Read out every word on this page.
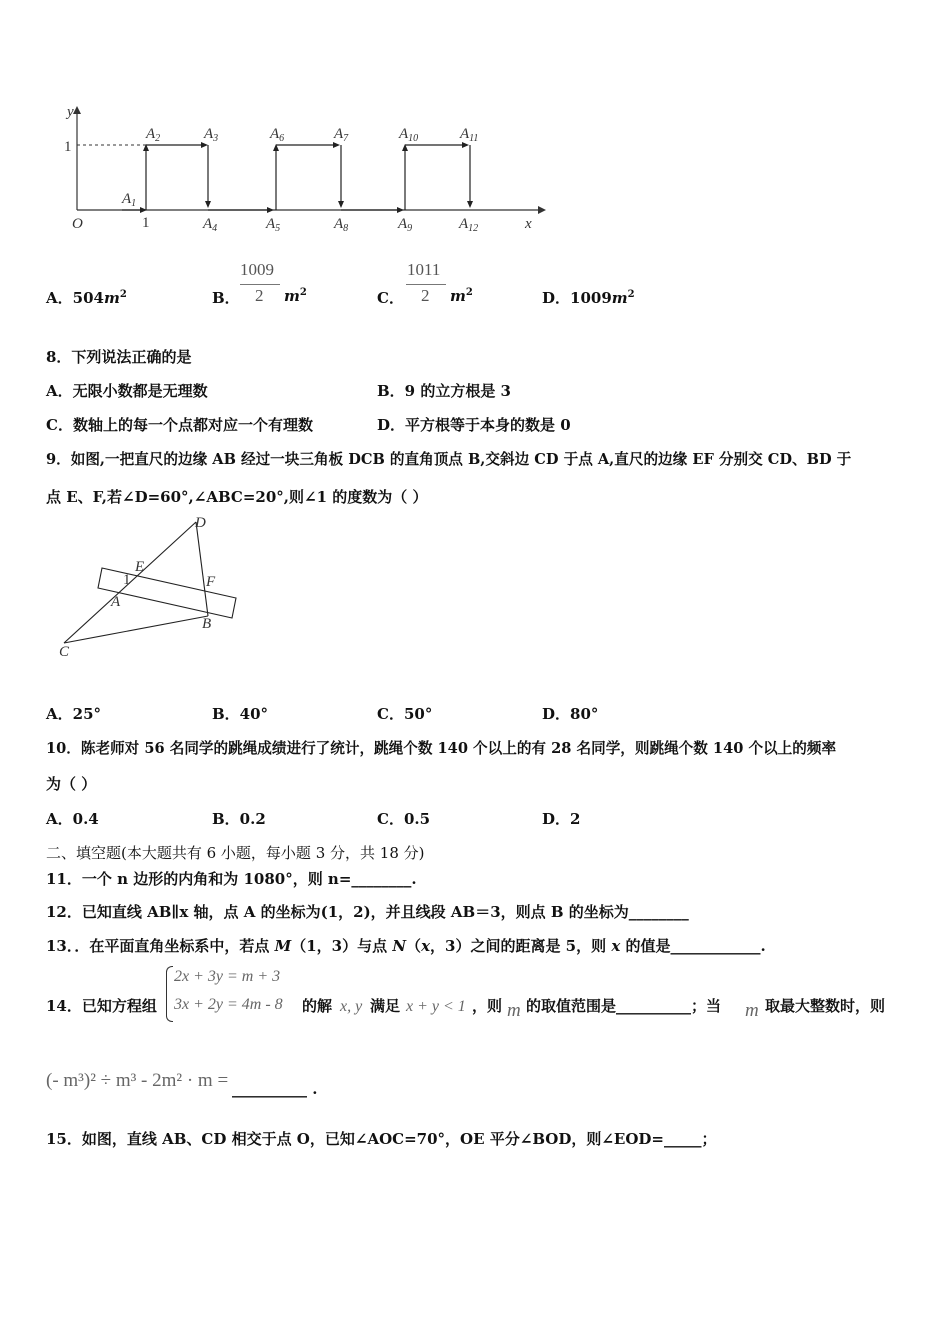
y
x
O
1
1
$A_1$
$A_2$	$A_3$
$A_4$	$A_5$
$A_6$	$A_7$
$A_8$	$A_9$
$A_{10}$	$A_{11}$
$A_{12}$
A．$504m^2$	B．
1009
2 $m^2$	C．
1011
2 $m^2$	D．$1009m^2$
8．下列说法正确的是
A．无限小数都是无理数	B．9 的立方根是 3
C．数轴上的每一个点都对应一个有理数	D．平方根等于本身的数是 0
9．如图,一把直尺的边缘 AB 经过一块三角板 DCB 的直角顶点 B,交斜边 CD 于点 A,直尺的边缘 EF 分别交 CD、BD 于
点 E、F,若∠D=60°,∠ABC=20°,则∠1 的度数为（ ）
D
E
F
1
A
B
C
A．25°	B．40°	C．50°	D．80°
10．陈老师对 56 名同学的跳绳成绩进行了统计，跳绳个数 140 个以上的有 28 名同学，则跳绳个数 140 个以上的频率
为（ ）
A．0.4	B．0.2	C．0.5	D．2
二、填空题(本大题共有 6 小题，每小题 3 分，共 18 分)
11．一个 n 边形的内角和为 1080°，则 n=________.
12．已知直线 AB∥x 轴，点 A 的坐标为(1，2)，并且线段 AB＝3，则点 B 的坐标为________
13．．在平面直角坐标系中，若点 M（1，3）与点 N（x，3）之间的距离是 5，则 x 的值是____________.
14．已知方程组
2x + 3y = m + 3
3x + 2y = 4m - 8 的解 x, y 满足 x + y < 1 ，则 m 的取值范围是__________；当 m 取最大整数时，则
(- m³)² ÷ m³ - 2m² · m = __________ .
15．如图，直线 AB、CD 相交于点 O，已知∠AOC=70°，OE 平分∠BOD，则∠EOD=_____；
